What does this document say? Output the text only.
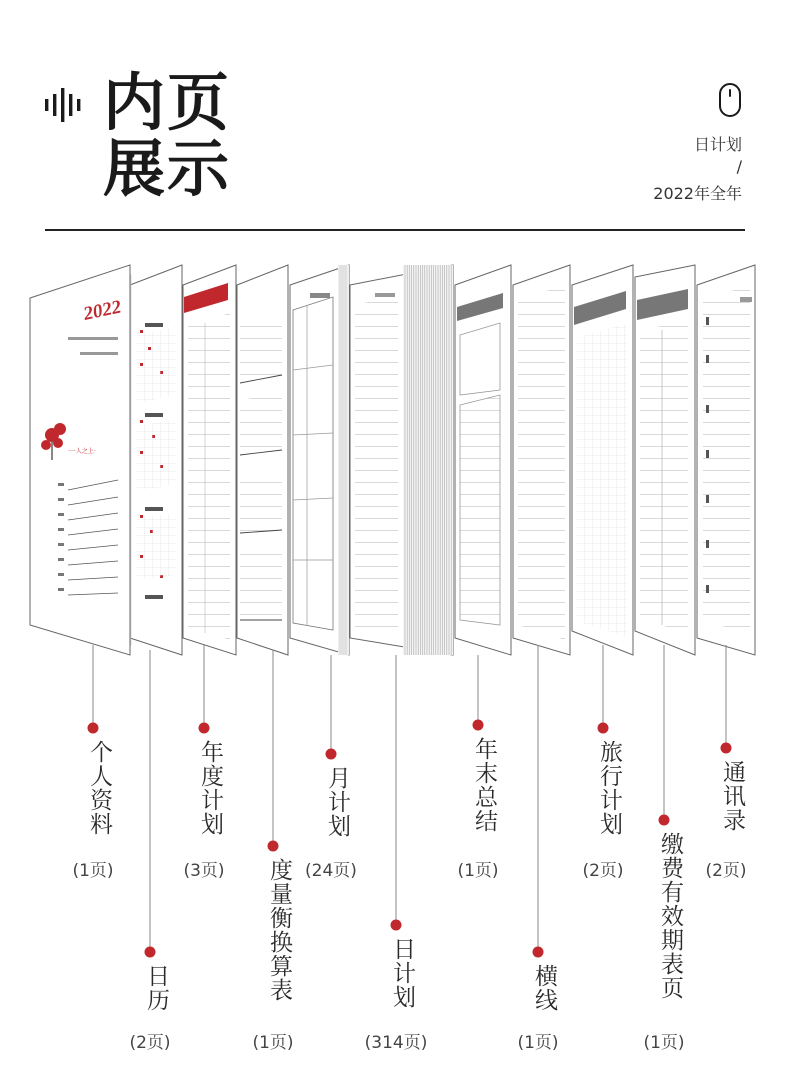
内页
展示	日计划
/
2022年全年
2022
·一人之上·
个人资料
(1页)
日历
(2页)
年度计划
(3页)	度量衡换算表
(1页)
月计划
(24页)
日计划
(314页)
年末总结
(1页)
横线
(1页)
旅行计划
(2页)	缴费有效期表页
(1页)
通讯录
(2页)
